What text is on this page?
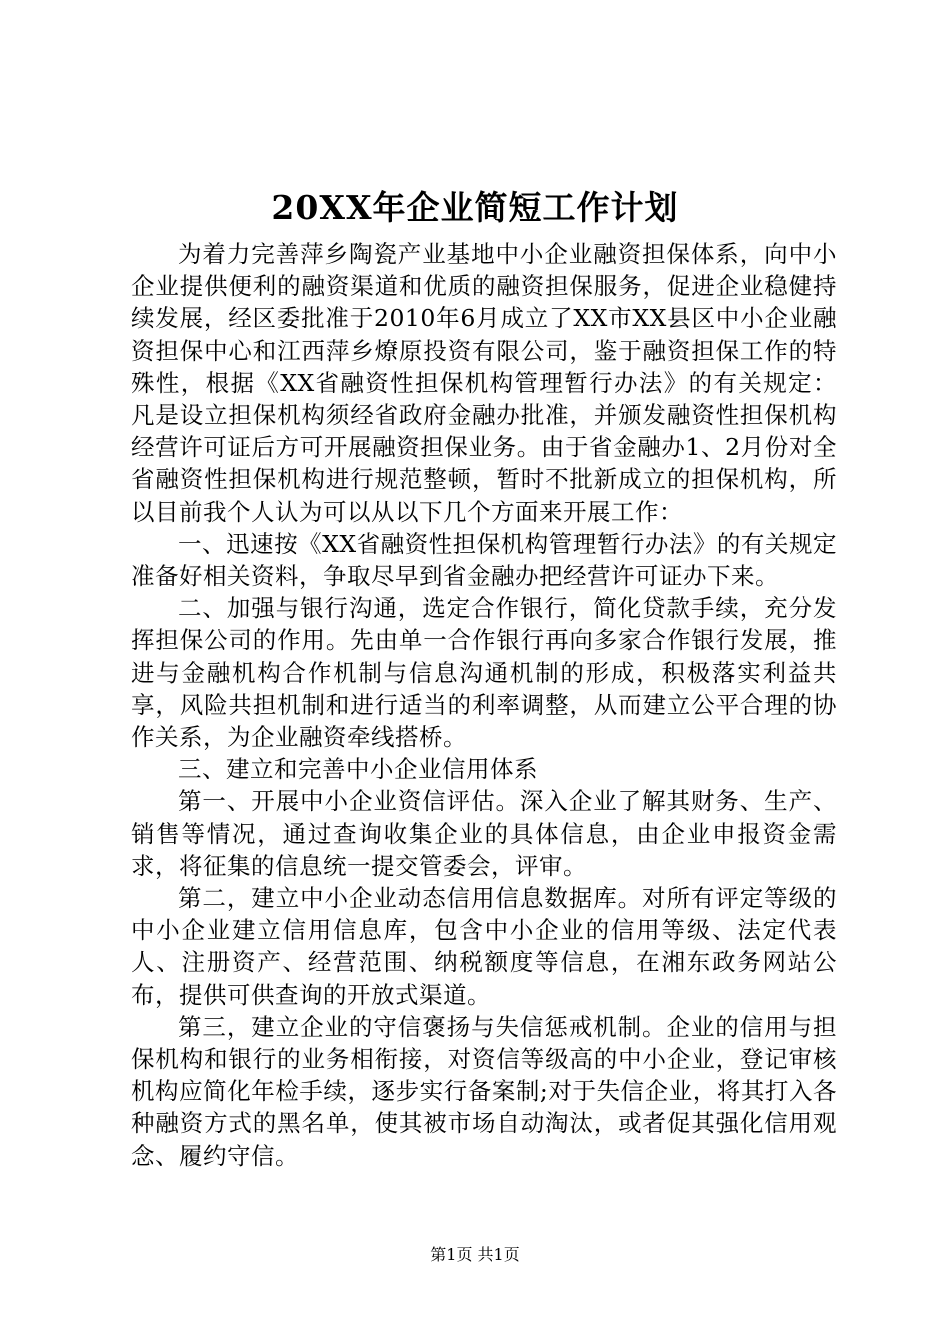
20XX年企业简短工作计划

为着力完善萍乡陶瓷产业基地中小企业融资担保体系，向中小企业提供便利的融资渠道和优质的融资担保服务，促进企业稳健持续发展，经区委批准于2010年6月成立了XX市XX县区中小企业融资担保中心和江西萍乡燎原投资有限公司，鉴于融资担保工作的特殊性，根据《XX省融资性担保机构管理暂行办法》的有关规定：凡是设立担保机构须经省政府金融办批准，并颁发融资性担保机构经营许可证后方可开展融资担保业务。由于省金融办1、2月份对全省融资性担保机构进行规范整顿，暂时不批新成立的担保机构，所以目前我个人认为可以从以下几个方面来开展工作：

一、迅速按《XX省融资性担保机构管理暂行办法》的有关规定准备好相关资料，争取尽早到省金融办把经营许可证办下来。

二、加强与银行沟通，选定合作银行，简化贷款手续，充分发挥担保公司的作用。先由单一合作银行再向多家合作银行发展，推进与金融机构合作机制与信息沟通机制的形成，积极落实利益共享，风险共担机制和进行适当的利率调整，从而建立公平合理的协作关系，为企业融资牵线搭桥。

三、建立和完善中小企业信用体系

第一、开展中小企业资信评估。深入企业了解其财务、生产、销售等情况，通过查询收集企业的具体信息，由企业申报资金需求，将征集的信息统一提交管委会，评审。

第二，建立中小企业动态信用信息数据库。对所有评定等级的中小企业建立信用信息库，包含中小企业的信用等级、法定代表人、注册资产、经营范围、纳税额度等信息，在湘东政务网站公布，提供可供查询的开放式渠道。

第三，建立企业的守信褒扬与失信惩戒机制。企业的信用与担保机构和银行的业务相衔接，对资信等级高的中小企业，登记审核机构应简化年检手续，逐步实行备案制;对于失信企业，将其打入各种融资方式的黑名单，使其被市场自动淘汰，或者促其强化信用观念、履约守信。

第1页 共1页
